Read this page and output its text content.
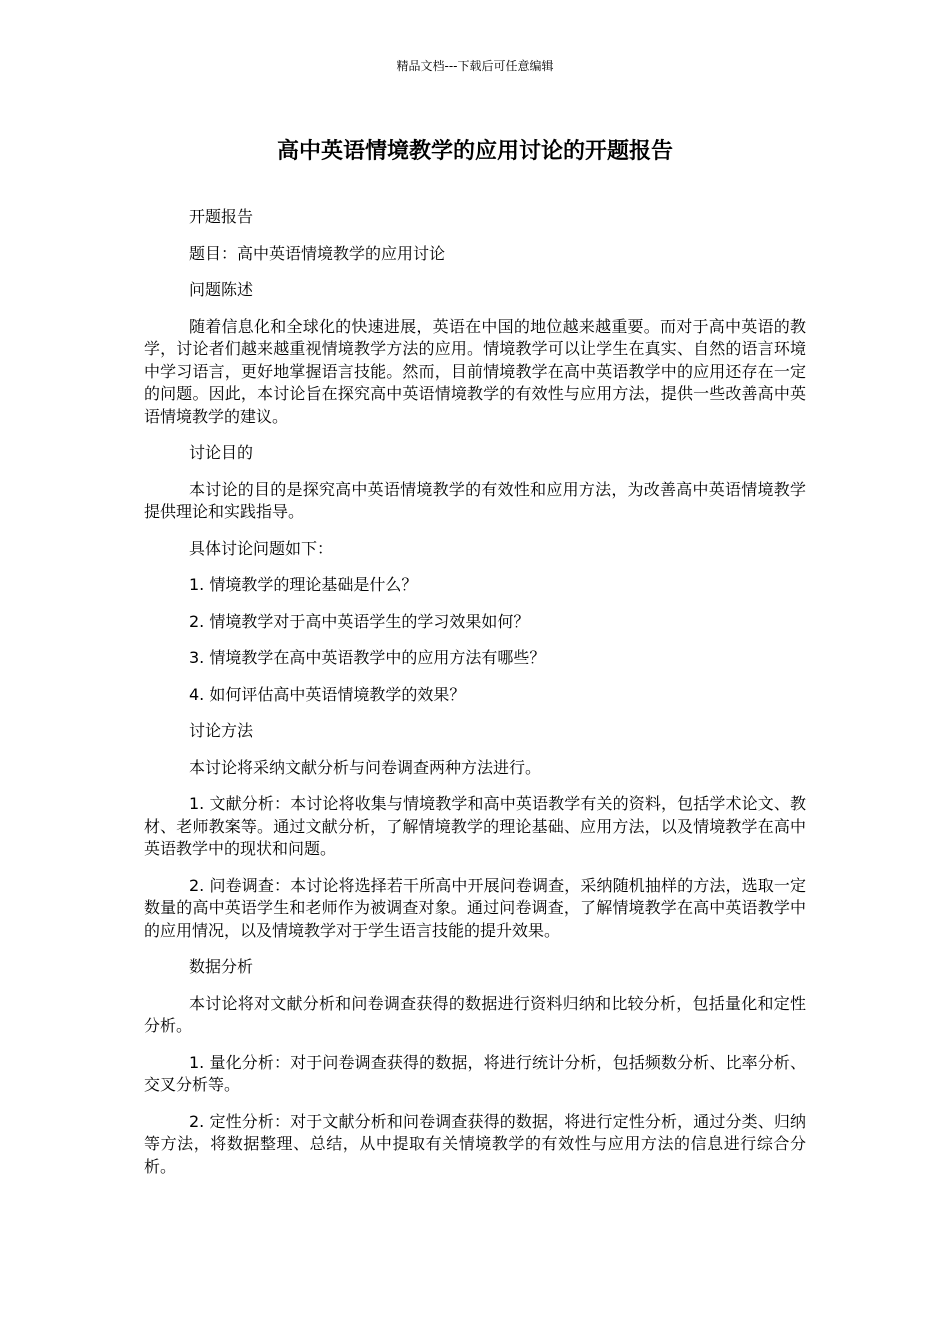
精品文档---下载后可任意编辑
高中英语情境教学的应用讨论的开题报告

开题报告

题目：高中英语情境教学的应用讨论

问题陈述

随着信息化和全球化的快速进展，英语在中国的地位越来越重要。而对于高中英语的教学，讨论者们越来越重视情境教学方法的应用。情境教学可以让学生在真实、自然的语言环境中学习语言，更好地掌握语言技能。然而，目前情境教学在高中英语教学中的应用还存在一定的问题。因此，本讨论旨在探究高中英语情境教学的有效性与应用方法，提供一些改善高中英语情境教学的建议。

讨论目的

本讨论的目的是探究高中英语情境教学的有效性和应用方法，为改善高中英语情境教学提供理论和实践指导。

具体讨论问题如下：

1. 情境教学的理论基础是什么？

2. 情境教学对于高中英语学生的学习效果如何？

3. 情境教学在高中英语教学中的应用方法有哪些？

4. 如何评估高中英语情境教学的效果？

讨论方法

本讨论将采纳文献分析与问卷调查两种方法进行。

1. 文献分析：本讨论将收集与情境教学和高中英语教学有关的资料，包括学术论文、教材、老师教案等。通过文献分析，了解情境教学的理论基础、应用方法，以及情境教学在高中英语教学中的现状和问题。

2. 问卷调查：本讨论将选择若干所高中开展问卷调查，采纳随机抽样的方法，选取一定数量的高中英语学生和老师作为被调查对象。通过问卷调查，了解情境教学在高中英语教学中的应用情况，以及情境教学对于学生语言技能的提升效果。

数据分析

本讨论将对文献分析和问卷调查获得的数据进行资料归纳和比较分析，包括量化和定性分析。

1. 量化分析：对于问卷调查获得的数据，将进行统计分析，包括频数分析、比率分析、交叉分析等。

2. 定性分析：对于文献分析和问卷调查获得的数据，将进行定性分析，通过分类、归纳等方法，将数据整理、总结，从中提取有关情境教学的有效性与应用方法的信息进行综合分析。
